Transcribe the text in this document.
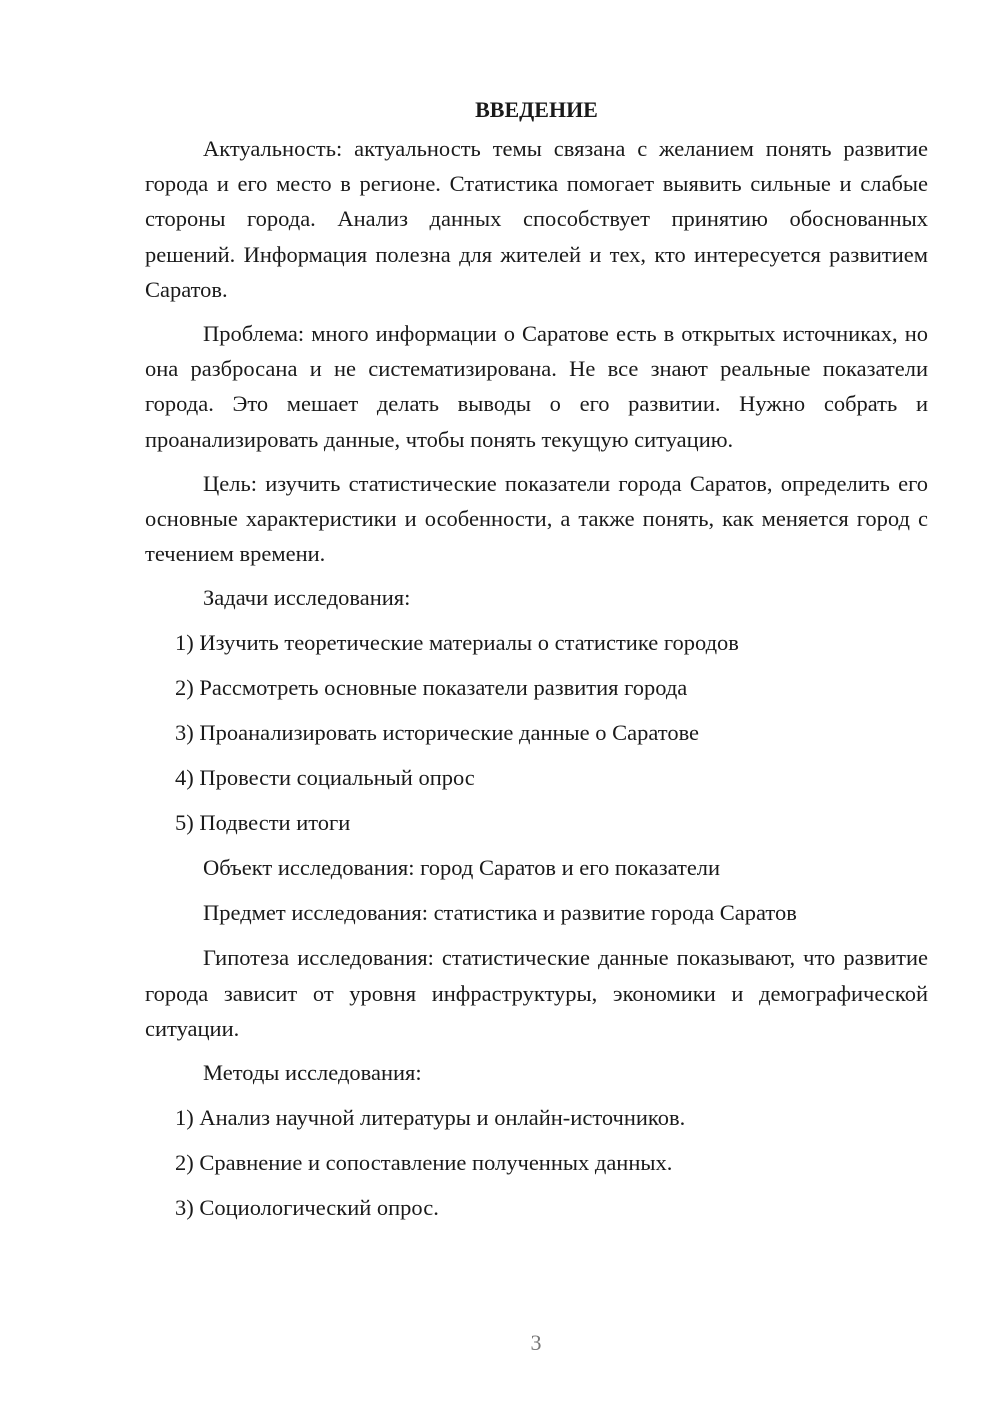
ВВЕДЕНИЕ

Актуальность: актуальность темы связана с желанием понять развитие города и его место в регионе. Статистика помогает выявить сильные и слабые стороны города. Анализ данных способствует принятию обоснованных решений. Информация полезна для жителей и тех, кто интересуется развитием Саратов.

Проблема: много информации о Саратове есть в открытых источниках, но она разбросана и не систематизирована. Не все знают реальные показатели города. Это мешает делать выводы о его развитии. Нужно собрать и проанализировать данные, чтобы понять текущую ситуацию.

Цель: изучить статистические показатели города Саратов, определить его основные характеристики и особенности, а также понять, как меняется город с течением времени.

Задачи исследования:
1) Изучить теоретические материалы о статистике городов
2) Рассмотреть основные показатели развития города
3) Проанализировать исторические данные о Саратове
4) Провести социальный опрос
5) Подвести итоги
Объект исследования: город Саратов и его показатели
Предмет исследования: статистика и развитие города Саратов

Гипотеза исследования: статистические данные показывают, что развитие города зависит от уровня инфраструктуры, экономики и демографической ситуации.

Методы исследования:
1) Анализ научной литературы и онлайн-источников.
2) Сравнение и сопоставление полученных данных.
3) Социологический опрос.
3
